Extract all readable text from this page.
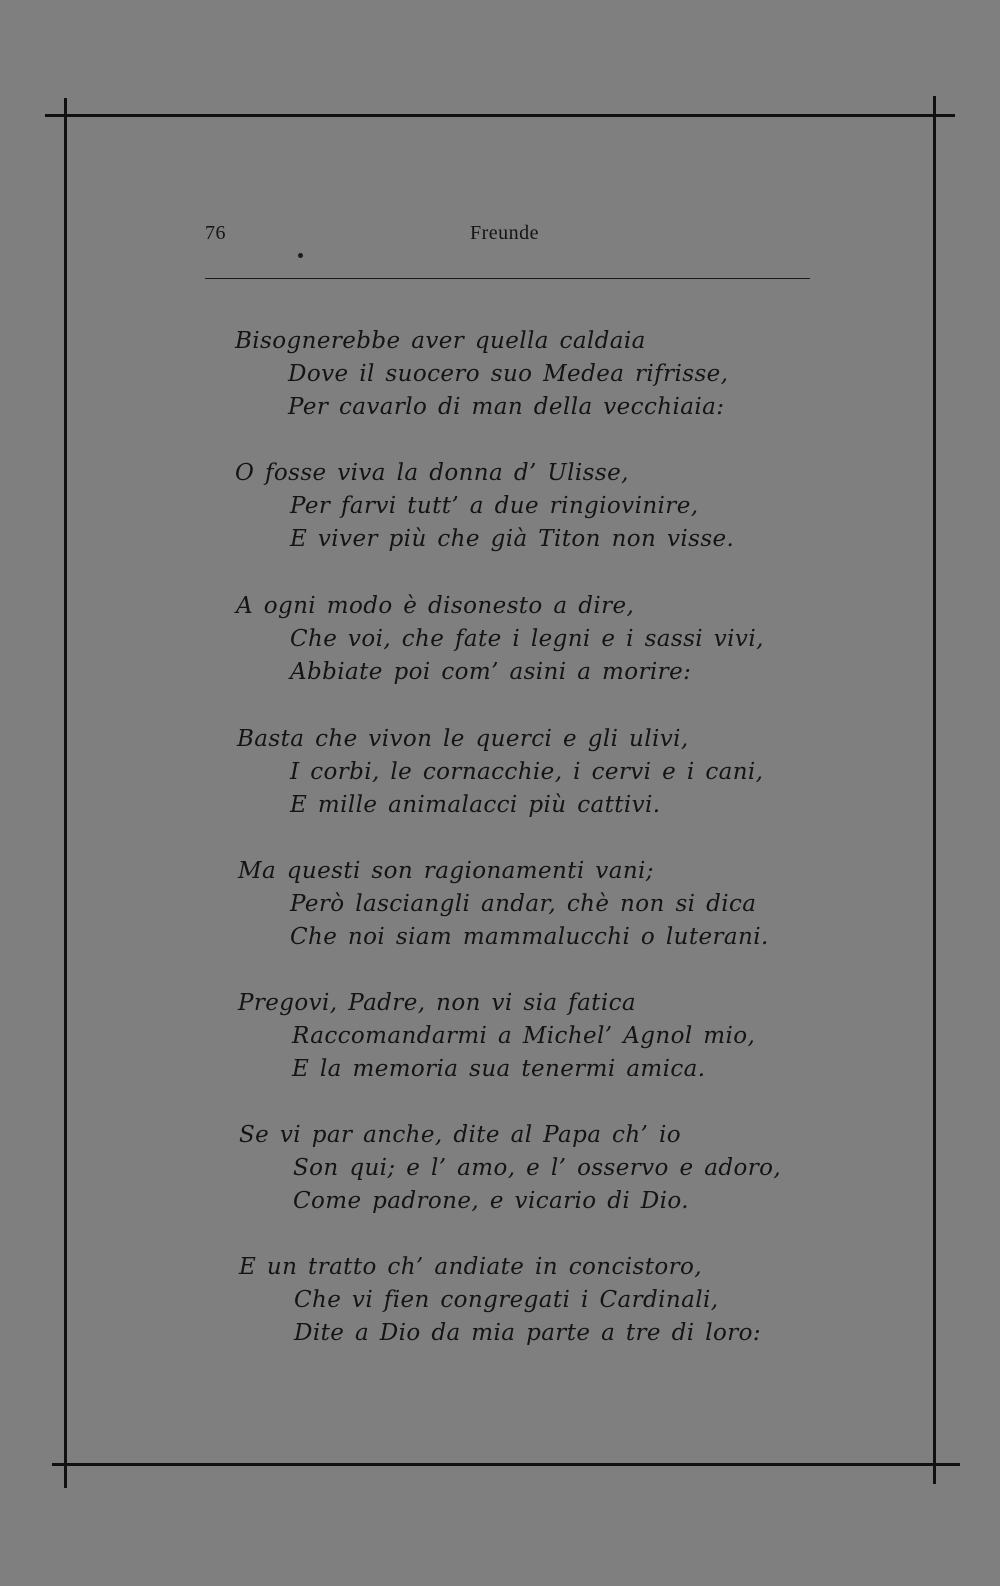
76	Freunde
Bisognerebbe aver quella caldaia
Dove il suocero suo Medea rifrisse,
Per cavarlo di man della vecchiaia:
O fosse viva la donna d’ Ulisse,
Per farvi tutt’ a due ringiovinire,
E viver più che già Titon non visse.
A ogni modo è disonesto a dire,
Che voi, che fate i legni e i sassi vivi,
Abbiate poi com’ asini a morire:
Basta che vivon le querci e gli ulivi,
I corbi, le cornacchie, i cervi e i cani,
E mille animalacci più cattivi.
Ma questi son ragionamenti vani;
Però lasciangli andar, chè non si dica
Che noi siam mammalucchi o luterani.
Pregovi, Padre, non vi sia fatica
Raccomandarmi a Michel’ Agnol mio,
E la memoria sua tenermi amica.
Se vi par anche, dite al Papa ch’ io
Son qui; e l’ amo, e l’ osservo e adoro,
Come padrone, e vicario di Dio.
E un tratto ch’ andiate in concistoro,
Che vi fien congregati i Cardinali,
Dite a Dio da mia parte a tre di loro:
